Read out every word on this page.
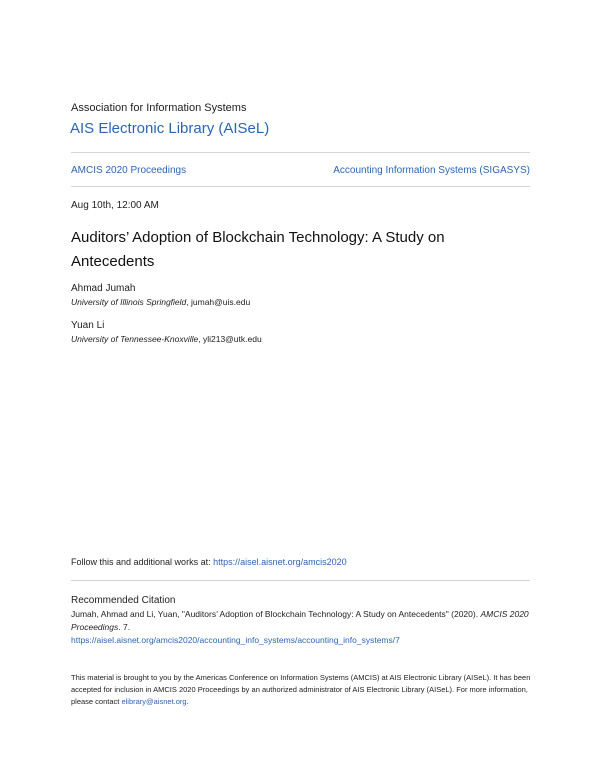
Association for Information Systems
AIS Electronic Library (AISeL)
AMCIS 2020 Proceedings	Accounting Information Systems (SIGASYS)
Aug 10th, 12:00 AM
Auditors’ Adoption of Blockchain Technology: A Study on Antecedents
Ahmad Jumah
University of Illinois Springfield, jumah@uis.edu
Yuan Li
University of Tennessee-Knoxville, yli213@utk.edu
Follow this and additional works at: https://aisel.aisnet.org/amcis2020
Recommended Citation
Jumah, Ahmad and Li, Yuan, "Auditors’ Adoption of Blockchain Technology: A Study on Antecedents" (2020). AMCIS 2020 Proceedings. 7.
https://aisel.aisnet.org/amcis2020/accounting_info_systems/accounting_info_systems/7
This material is brought to you by the Americas Conference on Information Systems (AMCIS) at AIS Electronic Library (AISeL). It has been accepted for inclusion in AMCIS 2020 Proceedings by an authorized administrator of AIS Electronic Library (AISeL). For more information, please contact elibrary@aisnet.org.
